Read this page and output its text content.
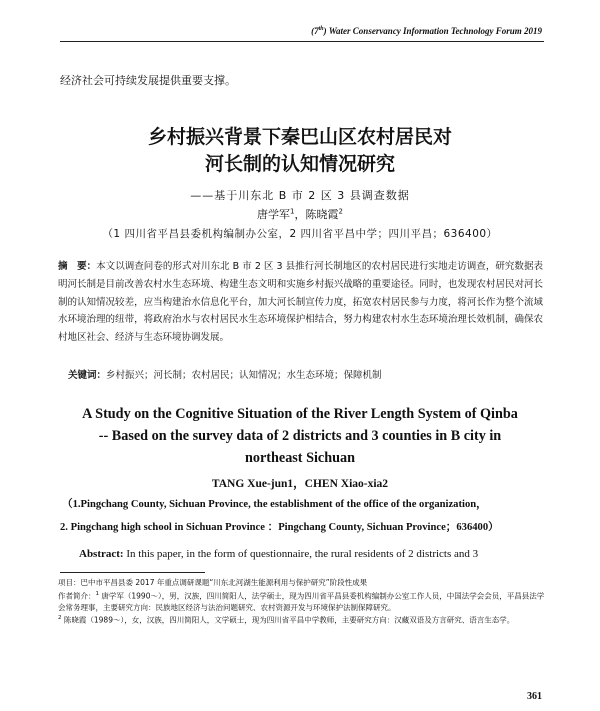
(7th) Water Conservancy Information Technology Forum 2019
经济社会可持续发展提供重要支撑。
乡村振兴背景下秦巴山区农村居民对
河长制的认知情况研究
——基于川东北 B 市 2 区 3 县调查数据
唐学军$^1$，陈晓霞$^2$
（1 四川省平昌县委机构编制办公室，2 四川省平昌中学；四川平昌；636400）
摘　要：本文以调查问卷的形式对川东北 B 市 2 区 3 县推行河长制地区的农村居民进行实地走访调查，研究数据表明河长制是目前改善农村水生态环境、构建生态文明和实施乡村振兴战略的重要途径。同时，也发现农村居民对河长制的认知情况较差，应当构建治水信息化平台，加大河长制宣传力度，拓宽农村居民参与力度，将河长作为整个流域水环境治理的纽带，将政府治水与农村居民水生态环境保护相结合，努力构建农村水生态环境治理长效机制，确保农村地区社会、经济与生态环境协调发展。
关键词：乡村振兴；河长制；农村居民；认知情况；水生态环境；保障机制
A Study on the Cognitive Situation of the River Length System of Qinba
-- Based on the survey data of 2 districts and 3 counties in B city in
northeast Sichuan
TANG Xue-jun1，CHEN Xiao-xia2
（1.Pingchang County, Sichuan Province, the establishment of the office of the organization，
2. Pingchang high school in Sichuan Province ：Pingchang County, Sichuan Province；636400）
Abstract: In this paper, in the form of questionnaire, the rural residents of 2 districts and 3
项目：巴中市平昌县委 2017 年重点调研课题“川东北河湖生能源利用与保护研究”阶段性成果
作者简介：$^1$ 唐学军（1990～），男，汉族，四川简阳人，法学硕士，现为四川省平昌县委机构编制办公室工作人员，中国法学会会员，平昌县法学会常务理事，主要研究方向：民族地区经济与法治问题研究、农村资源开发与环境保护法制保障研究。
$^2$ 陈晓霞（1989～），女，汉族，四川简阳人，文学硕士，现为四川省平昌中学教师，主要研究方向：汉藏双语及方言研究、语言生态学。
361
